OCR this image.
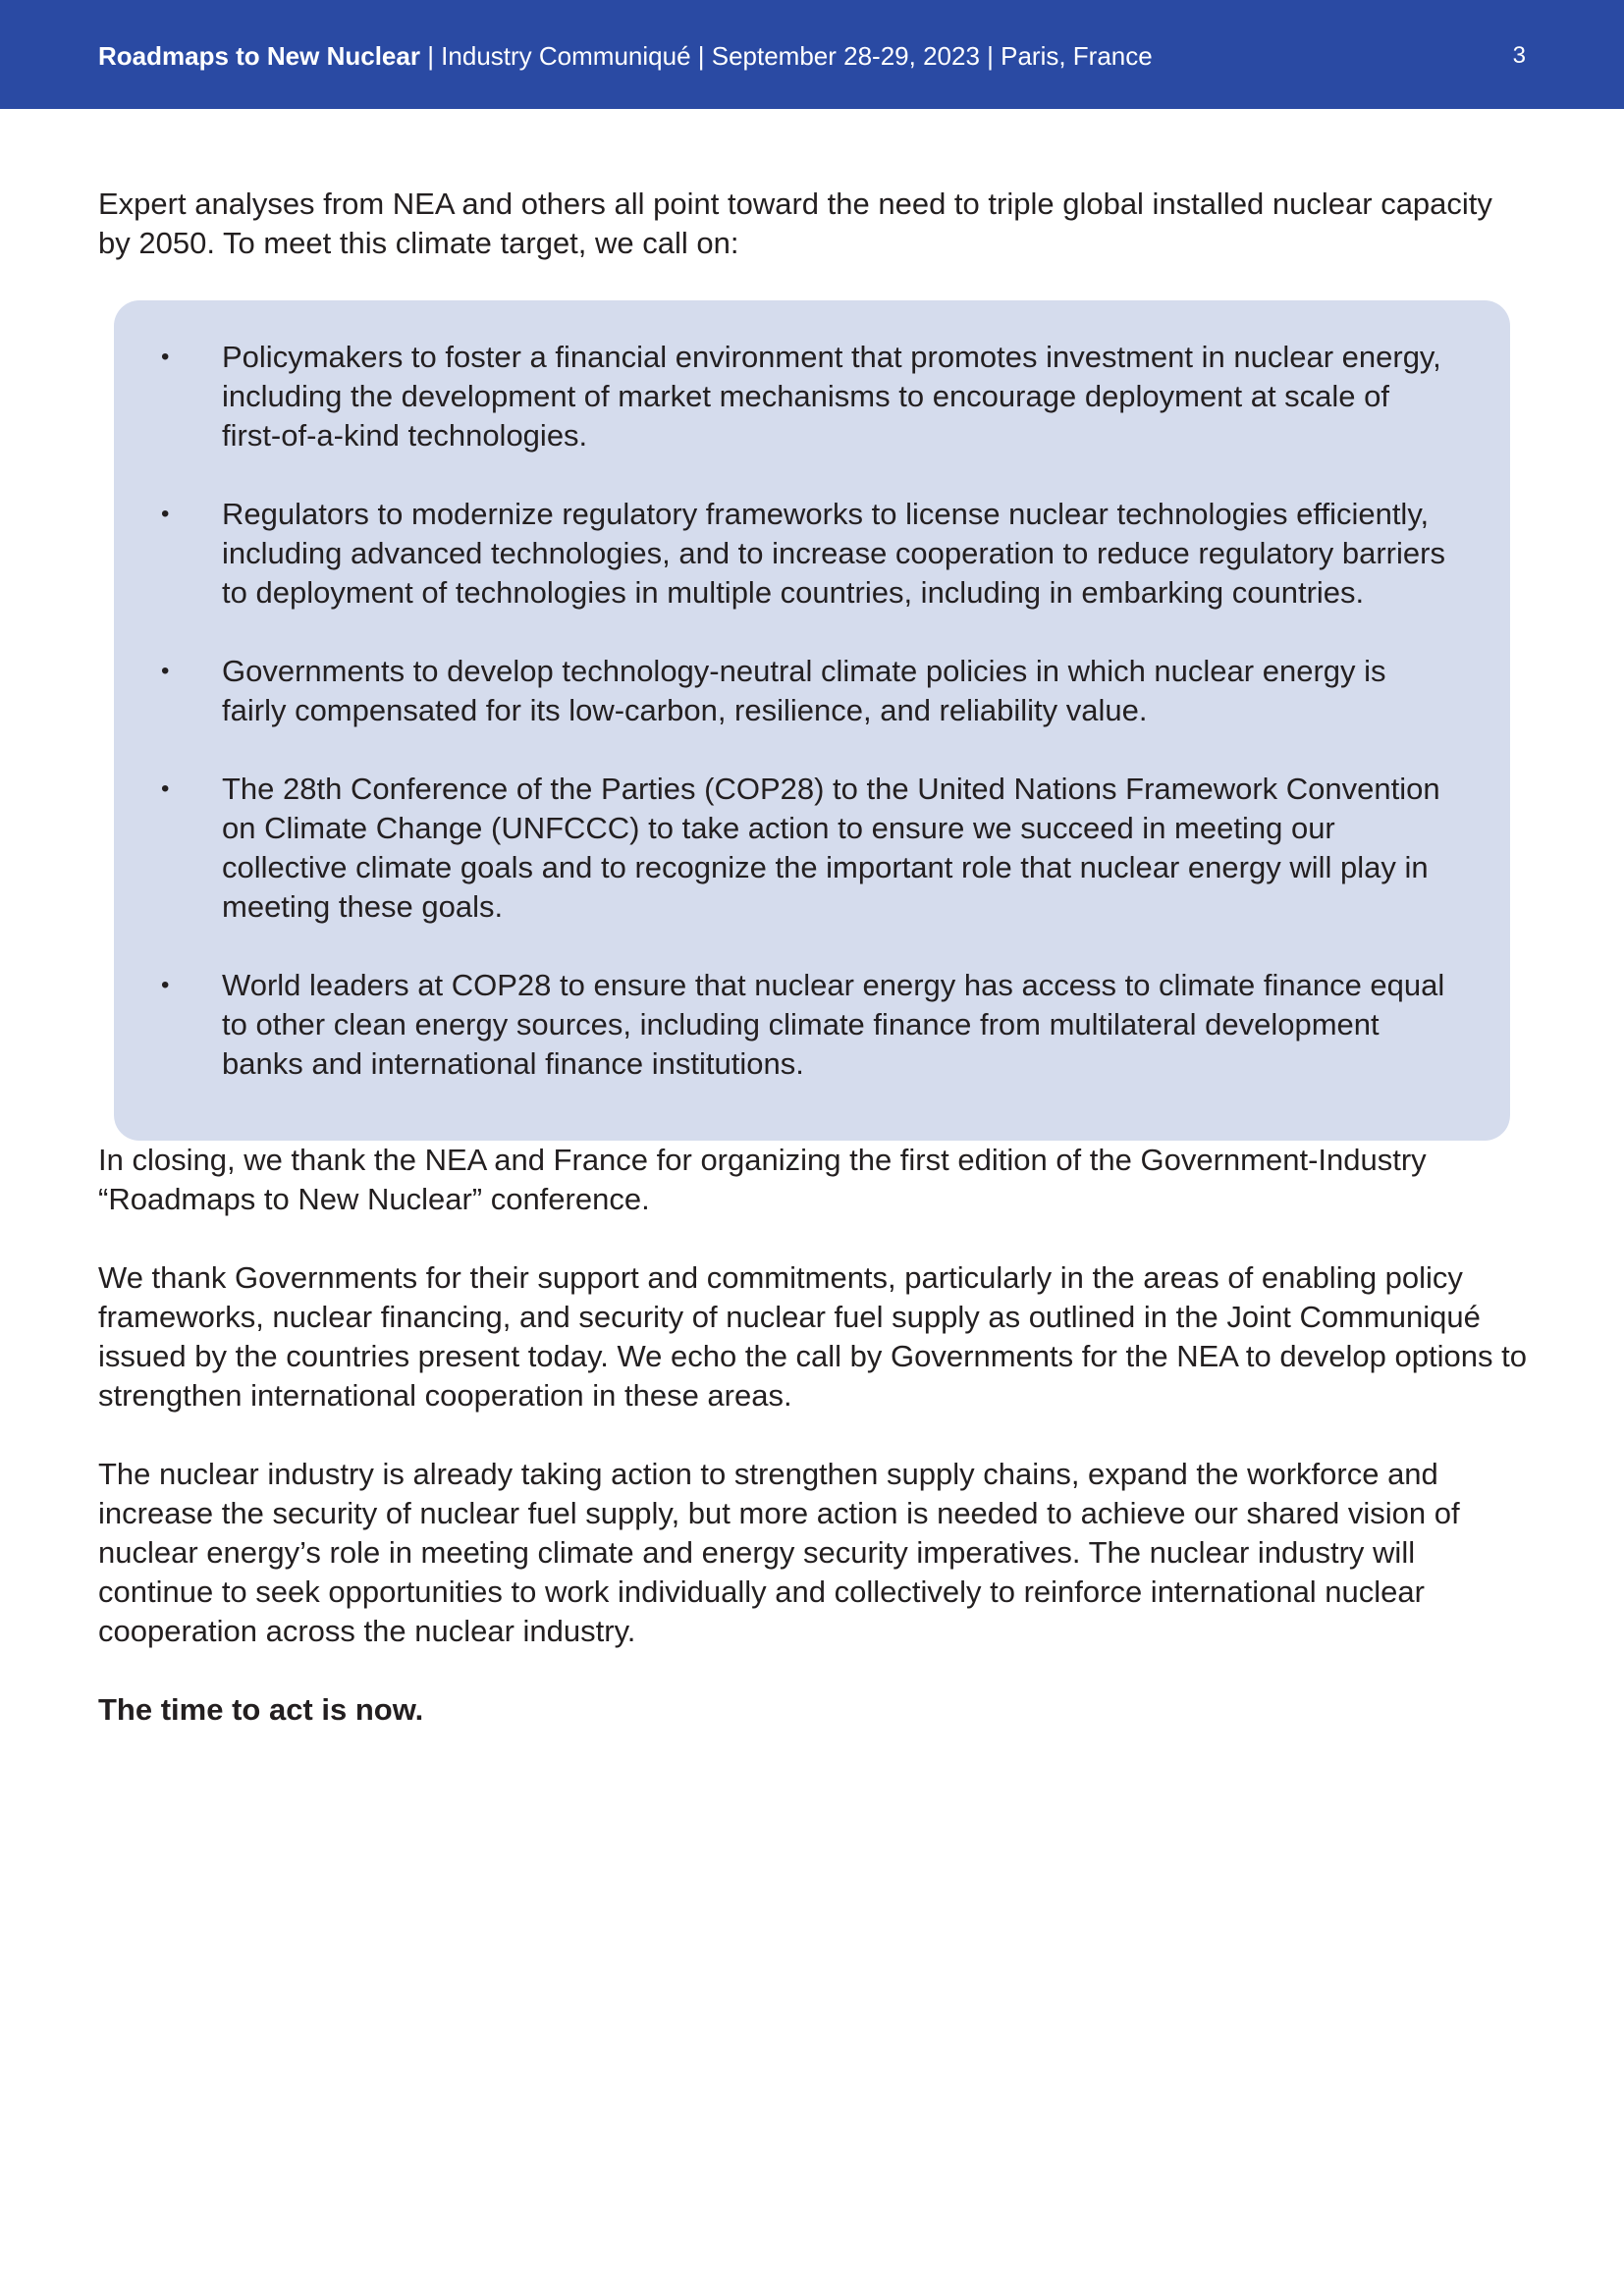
Roadmaps to New Nuclear | Industry Communiqué | September 28-29, 2023 | Paris, France	3

Expert analyses from NEA and others all point toward the need to triple global installed nuclear capacity by 2050. To meet this climate target, we call on:

• Policymakers to foster a financial environment that promotes investment in nuclear energy, including the development of market mechanisms to encourage deployment at scale of first-of-a-kind technologies.
• Regulators to modernize regulatory frameworks to license nuclear technologies efficiently, including advanced technologies, and to increase cooperation to reduce regulatory barriers to deployment of technologies in multiple countries, including in embarking countries.
• Governments to develop technology-neutral climate policies in which nuclear energy is fairly compensated for its low-carbon, resilience, and reliability value.
• The 28th Conference of the Parties (COP28) to the United Nations Framework Convention on Climate Change (UNFCCC) to take action to ensure we succeed in meeting our collective climate goals and to recognize the important role that nuclear energy will play in meeting these goals.
• World leaders at COP28 to ensure that nuclear energy has access to climate finance equal to other clean energy sources, including climate finance from multilateral development banks and international finance institutions.

In closing, we thank the NEA and France for organizing the first edition of the Government-Industry “Roadmaps to New Nuclear” conference.

We thank Governments for their support and commitments, particularly in the areas of enabling policy frameworks, nuclear financing, and security of nuclear fuel supply as outlined in the Joint Communiqué issued by the countries present today. We echo the call by Governments for the NEA to develop options to strengthen international cooperation in these areas.

The nuclear industry is already taking action to strengthen supply chains, expand the workforce and increase the security of nuclear fuel supply, but more action is needed to achieve our shared vision of nuclear energy’s role in meeting climate and energy security imperatives. The nuclear industry will continue to seek opportunities to work individually and collectively to reinforce international nuclear cooperation across the nuclear industry.

The time to act is now.
